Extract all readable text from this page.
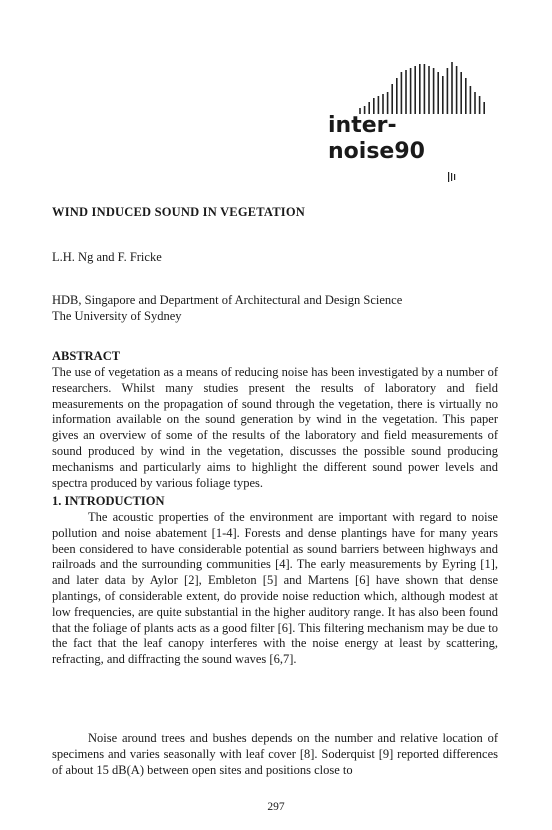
inter-noise90
WIND INDUCED SOUND IN VEGETATION
L.H. Ng and F. Fricke
HDB, Singapore and Department of Architectural and Design Science
The University of Sydney
ABSTRACT

The use of vegetation as a means of reducing noise has been investigated by a number of researchers. Whilst many studies present the results of laboratory and field measurements on the propagation of sound through the vegetation, there is virtually no information available on the sound generation by wind in the vegetation. This paper gives an overview of some of the results of the laboratory and field measurements of sound produced by wind in the vegetation, discusses the possible sound producing mechanisms and particularly aims to highlight the different sound power levels and spectra produced by various foliage types.

1. INTRODUCTION

The acoustic properties of the environment are important with regard to noise pollution and noise abatement [1-4]. Forests and dense plantings have for many years been considered to have considerable potential as sound barriers between highways and railroads and the surrounding communities [4]. The early measurements by Eyring [1], and later data by Aylor [2], Embleton [5] and Martens [6] have shown that dense plantings, of considerable extent, do provide noise reduction which, although modest at low frequencies, are quite substantial in the higher auditory range. It has also been found that the foliage of plants acts as a good filter [6]. This filtering mechanism may be due to the fact that the leaf canopy interferes with the noise energy at least by scattering, refracting, and diffracting the sound waves [6,7].

Noise around trees and bushes depends on the number and relative location of specimens and varies seasonally with leaf cover [8]. Soderquist [9] reported differences of about 15 dB(A) between open sites and positions close to

297
